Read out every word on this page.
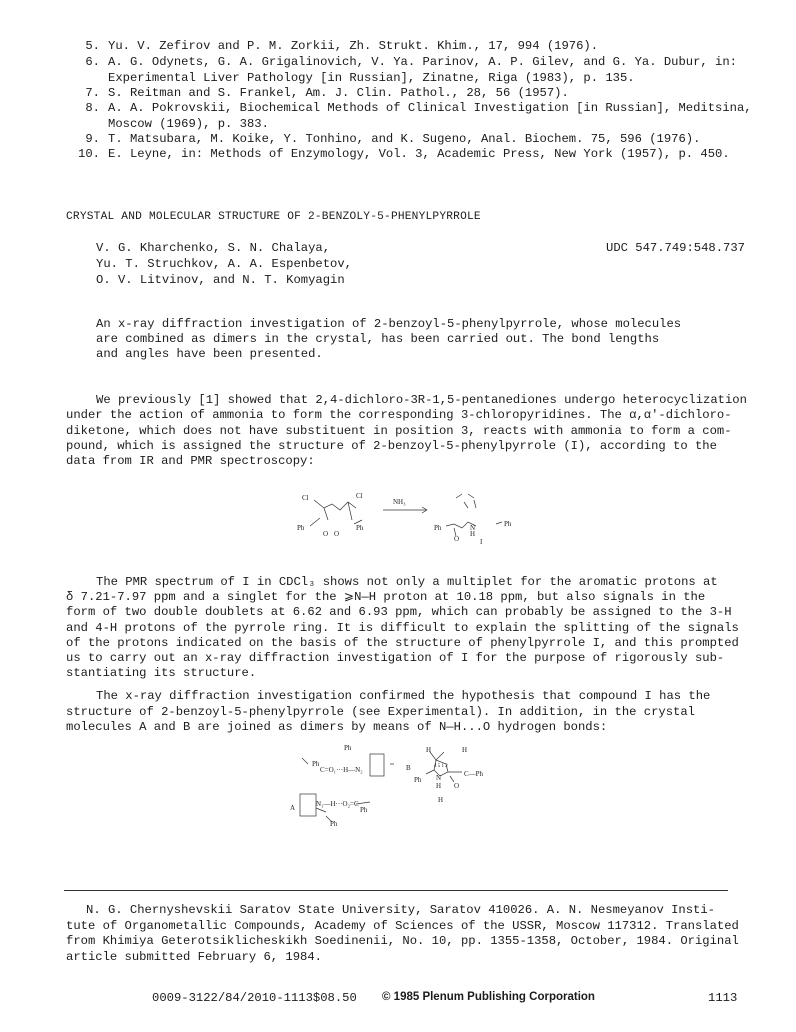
5. Yu. V. Zefirov and P. M. Zorkii, Zh. Strukt. Khim., 17, 994 (1976).
6. A. G. Odynets, G. A. Grigalinovich, V. Ya. Parinov, A. P. Gilev, and G. Ya. Dubur, in:
Experimental Liver Pathology [in Russian], Zinatne, Riga (1983), p. 135.
7. S. Reitman and S. Frankel, Am. J. Clin. Pathol., 28, 56 (1957).
8. A. A. Pokrovskii, Biochemical Methods of Clinical Investigation [in Russian], Meditsina,
Moscow (1969), p. 383.
9. T. Matsubara, M. Koike, Y. Tonhino, and K. Sugeno, Anal. Biochem. 75, 596 (1976).
10. E. Leyne, in: Methods of Enzymology, Vol. 3, Academic Press, New York (1957), p. 450.
CRYSTAL AND MOLECULAR STRUCTURE OF 2-BENZOLY-5-PHENYLPYRROLE
V. G. Kharchenko, S. N. Chalaya,
Yu. T. Struchkov, A. A. Espenbetov,
O. V. Litvinov, and N. T. Komyagin
UDC 547.749:548.737
An x-ray diffraction investigation of 2-benzoyl-5-phenylpyrrole, whose molecules
are combined as dimers in the crystal, has been carried out. The bond lengths
and angles have been presented.
We previously [1] showed that 2,4-dichloro-3R-1,5-pentanediones undergo heterocyclization
under the action of ammonia to form the corresponding 3-chloropyridines. The α,α'-dichloro-
diketone, which does not have substituent in position 3, reacts with ammonia to form a com-
pound, which is assigned the structure of 2-benzoyl-5-phenylpyrrole (I), according to the
data from IR and PMR spectroscopy:
Cl	Cl
Ph
O O
Ph
NH₃
Ph	N
H
O
Ph
I
The PMR spectrum of I in CDCl₃ shows not only a multiplet for the aromatic protons at
δ 7.21-7.97 ppm and a singlet for the ⩾N—H proton at 10.18 ppm, but also signals in the
form of two double doublets at 6.62 and 6.93 ppm, which can probably be assigned to the 3-H
and 4-H protons of the pyrrole ring. It is difficult to explain the splitting of the signals
of the protons indicated on the basis of the structure of phenylpyrrole I, and this prompted
us to carry out an x-ray diffraction investigation of I for the purpose of rigorously sub-
stantiating its structure.
The x-ray diffraction investigation confirmed the hypothesis that compound I has the
structure of 2-benzoyl-5-phenylpyrrole (see Experimental). In addition, in the crystal
molecules A and B are joined as dimers by means of N—H...O hydrogen bonds:
Ph
Ph
C=O₁···H—N₂	B
A	N₁—H···O₂=C
Ph
Ph
H	H
Ph N
H
C—Ph
O
H
4 5 1 2
N. G. Chernyshevskii Saratov State University, Saratov 410026. A. N. Nesmeyanov Insti-
tute of Organometallic Compounds, Academy of Sciences of the USSR, Moscow 117312. Translated
from Khimiya Geterotsiklicheskikh Soedinenii, No. 10, pp. 1355-1358, October, 1984. Original
article submitted February 6, 1984.
0009-3122/84/2010-1113$08.50 © 1985 Plenum Publishing Corporation	1113
